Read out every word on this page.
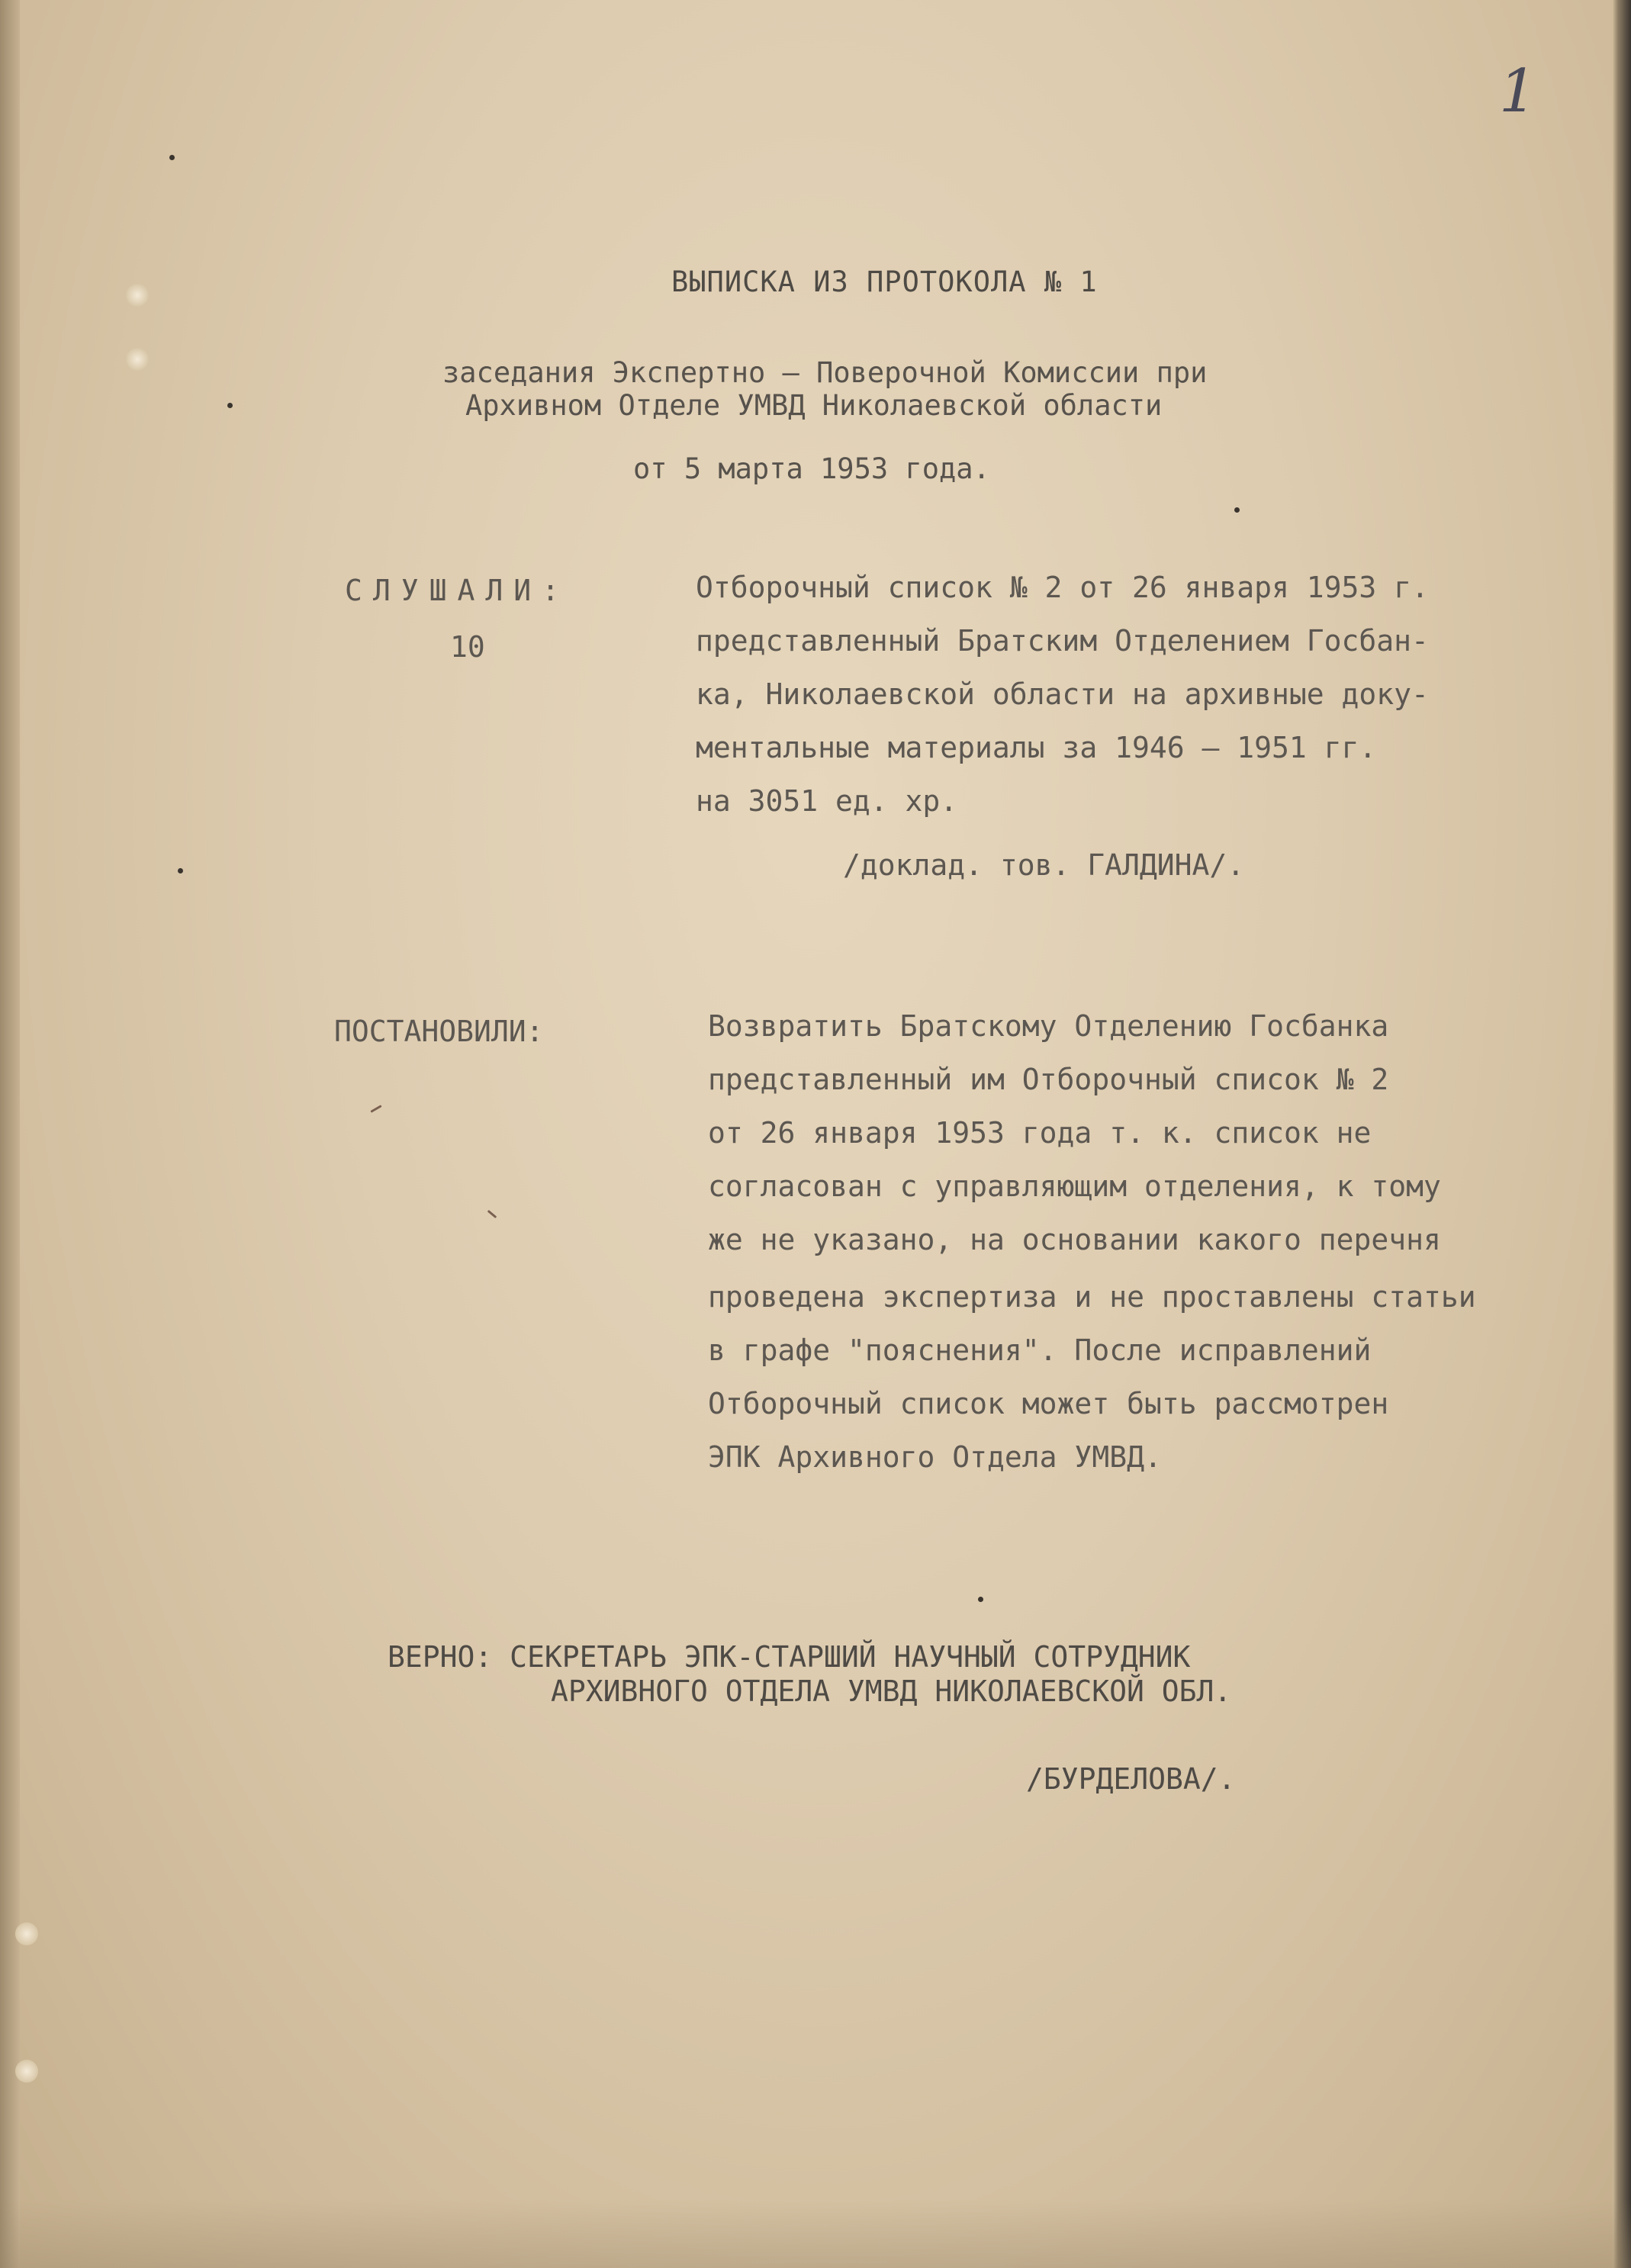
1

ВЫПИСКА ИЗ ПРОТОКОЛА № 1

заседания Экспертно – Поверочной Комиссии при

Архивном Отделе УМВД Николаевской области

от 5 марта 1953 года.

СЛУШАЛИ:

10

Отборочный список № 2 от 26 января 1953 г.
представленный Братским Отделением Госбан-
ка, Николаевской области на архивные доку-
ментальные материалы за 1946 – 1951 гг.
на 3051 ед. хр.

/доклад. тов. ГАЛДИНА/.

ПОСТАНОВИЛИ:	Возвратить Братскому Отделению Госбанка
представленный им Отборочный список № 2
от 26 января 1953 года т. к. список не
согласован с управляющим отделения, к тому
же не указано, на основании какого перечня

проведена экспертиза и не проставлены статьи
в графе "пояснения". После исправлений
Отборочный список может быть рассмотрен
ЭПК Архивного Отдела УМВД.

ВЕРНО: СЕКРЕТАРЬ ЭПК-СТАРШИЙ НАУЧНЫЙ СОТРУДНИК

АРХИВНОГО ОТДЕЛА УМВД НИКОЛАЕВСКОЙ ОБЛ.

/БУРДЕЛОВА/.
